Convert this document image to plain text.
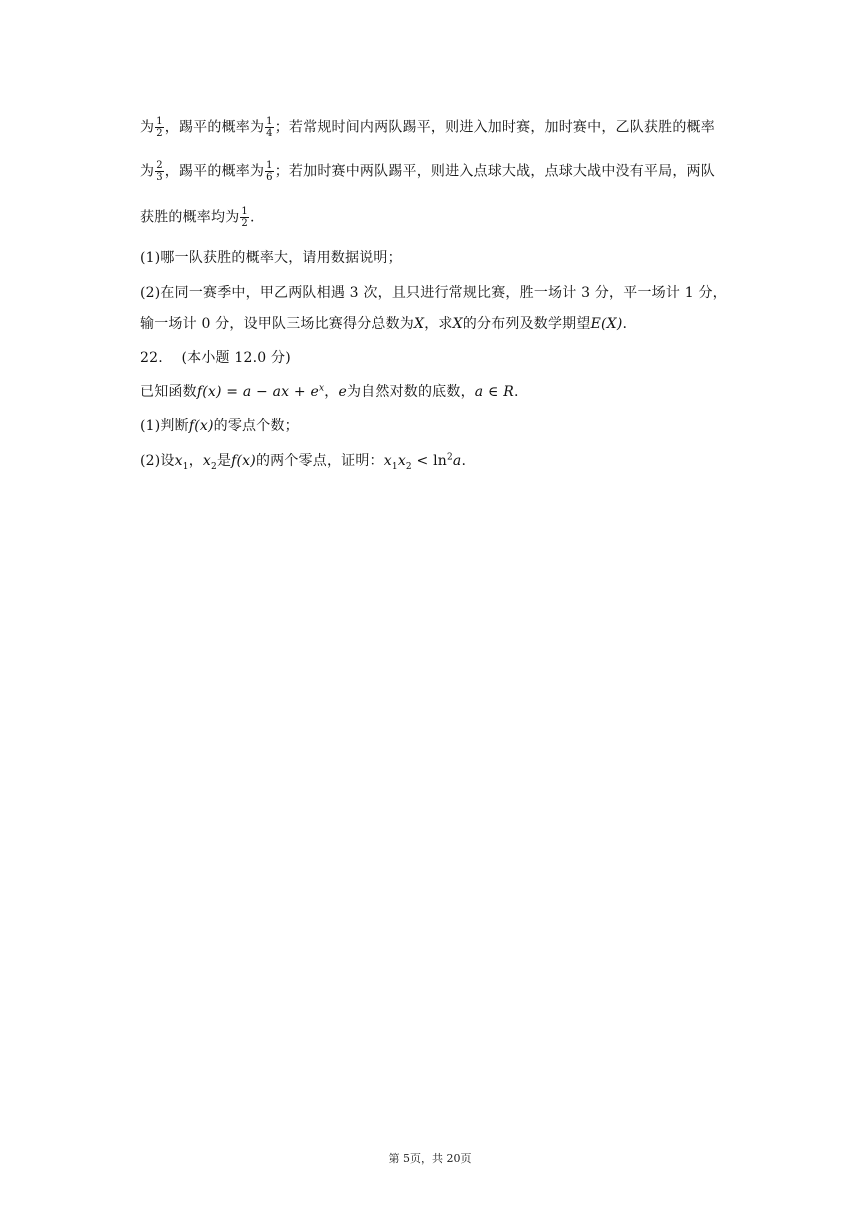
为 $\frac{1}{2}$ ，踢平的概率为 $\frac{1}{4}$ ；若常规时间内两队踢平，则进入加时赛，加时赛中，乙队获胜的概率
为 $\frac{2}{3}$ ，踢平的概率为 $\frac{1}{6}$ ；若加时赛中两队踢平，则进入点球大战，点球大战中没有平局，两队
获胜的概率均为 $\frac{1}{2}$ .
(1)哪一队获胜的概率大，请用数据说明；
(2)在同一赛季中，甲乙两队相遇 3 次，且只进行常规比赛，胜一场计 3 分，平一场计 1 分，
输一场计 0 分，设甲队三场比赛得分总数为X，求X的分布列及数学期望E(X).
22.    (本小题 12.0 分)
已知函数f(x) = a − ax + $e^x$，e为自然对数的底数，a ∈ R.
(1)判断f(x)的零点个数；
(2)设$x_1$，$x_2$是f(x)的两个零点，证明：$x_1x_2 < \ln^2a$.
第 5页，共 20页
